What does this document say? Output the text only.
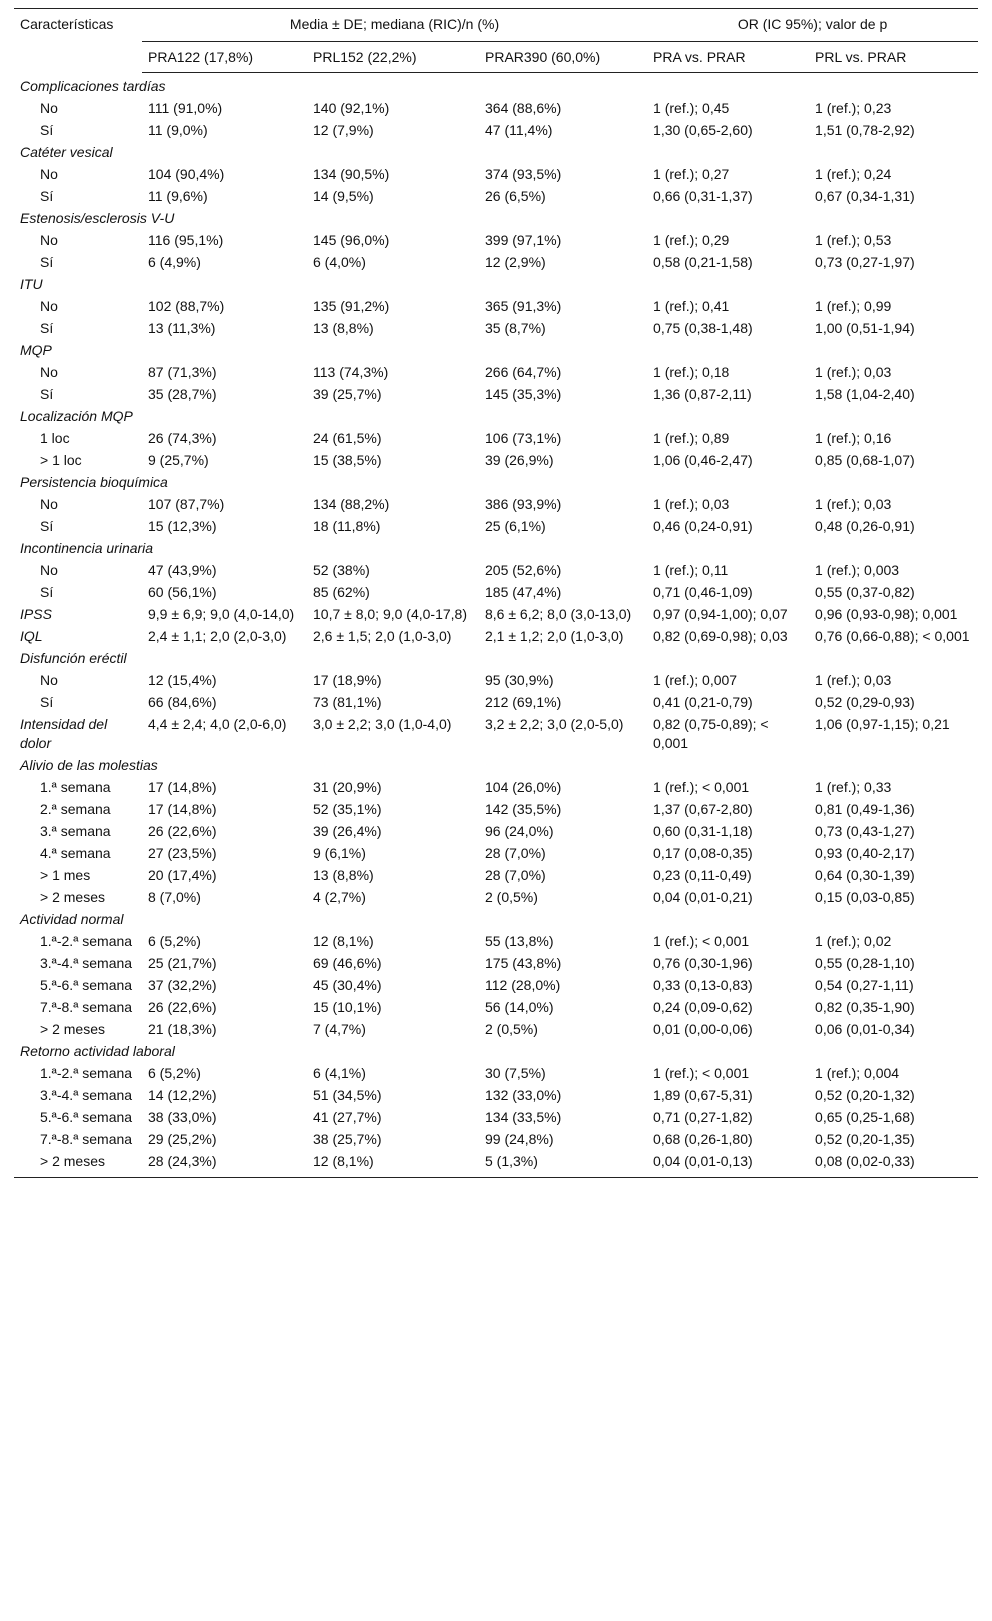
Características	Media ± DE; mediana (RIC)/n (%)			OR (IC 95%); valor de p	
	PRA122 (17,8%)	PRL152 (22,2%)	PRAR390 (60,0%)	PRA vs. PRAR	PRL vs. PRAR
Complicaciones tardías					
No	111 (91,0%)	140 (92,1%)	364 (88,6%)	1 (ref.); 0,45	1 (ref.); 0,23
Sí	11 (9,0%)	12 (7,9%)	47 (11,4%)	1,30 (0,65-2,60)	1,51 (0,78-2,92)
Catéter vesical					
No	104 (90,4%)	134 (90,5%)	374 (93,5%)	1 (ref.); 0,27	1 (ref.); 0,24
Sí	11 (9,6%)	14 (9,5%)	26 (6,5%)	0,66 (0,31-1,37)	0,67 (0,34-1,31)
Estenosis/esclerosis V-U					
No	116 (95,1%)	145 (96,0%)	399 (97,1%)	1 (ref.); 0,29	1 (ref.); 0,53
Sí	6 (4,9%)	6 (4,0%)	12 (2,9%)	0,58 (0,21-1,58)	0,73 (0,27-1,97)
ITU					
No	102 (88,7%)	135 (91,2%)	365 (91,3%)	1 (ref.); 0,41	1 (ref.); 0,99
Sí	13 (11,3%)	13 (8,8%)	35 (8,7%)	0,75 (0,38-1,48)	1,00 (0,51-1,94)
MQP					
No	87 (71,3%)	113 (74,3%)	266 (64,7%)	1 (ref.); 0,18	1 (ref.); 0,03
Sí	35 (28,7%)	39 (25,7%)	145 (35,3%)	1,36 (0,87-2,11)	1,58 (1,04-2,40)
Localización MQP					
1 loc	26 (74,3%)	24 (61,5%)	106 (73,1%)	1 (ref.); 0,89	1 (ref.); 0,16
> 1 loc	9 (25,7%)	15 (38,5%)	39 (26,9%)	1,06 (0,46-2,47)	0,85 (0,68-1,07)
Persistencia bioquímica					
No	107 (87,7%)	134 (88,2%)	386 (93,9%)	1 (ref.); 0,03	1 (ref.); 0,03
Sí	15 (12,3%)	18 (11,8%)	25 (6,1%)	0,46 (0,24-0,91)	0,48 (0,26-0,91)
Incontinencia urinaria					
No	47 (43,9%)	52 (38%)	205 (52,6%)	1 (ref.); 0,11	1 (ref.); 0,003
Sí	60 (56,1%)	85 (62%)	185 (47,4%)	0,71 (0,46-1,09)	0,55 (0,37-0,82)
IPSS	9,9 ± 6,9; 9,0 (4,0-14,0)	10,7 ± 8,0; 9,0 (4,0-17,8)	8,6 ± 6,2; 8,0 (3,0-13,0)	0,97 (0,94-1,00); 0,07	0,96 (0,93-0,98); 0,001
IQL	2,4 ± 1,1; 2,0 (2,0-3,0)	2,6 ± 1,5; 2,0 (1,0-3,0)	2,1 ± 1,2; 2,0 (1,0-3,0)	0,82 (0,69-0,98); 0,03	0,76 (0,66-0,88); < 0,001
Disfunción eréctil					
No	12 (15,4%)	17 (18,9%)	95 (30,9%)	1 (ref.); 0,007	1 (ref.); 0,03
Sí	66 (84,6%)	73 (81,1%)	212 (69,1%)	0,41 (0,21-0,79)	0,52 (0,29-0,93)
Intensidad del dolor	4,4 ± 2,4; 4,0 (2,0-6,0)	3,0 ± 2,2; 3,0 (1,0-4,0)	3,2 ± 2,2; 3,0 (2,0-5,0)	0,82 (0,75-0,89); < 0,001	1,06 (0,97-1,15); 0,21
Alivio de las molestias					
1.ª semana	17 (14,8%)	31 (20,9%)	104 (26,0%)	1 (ref.); < 0,001	1 (ref.); 0,33
2.ª semana	17 (14,8%)	52 (35,1%)	142 (35,5%)	1,37 (0,67-2,80)	0,81 (0,49-1,36)
3.ª semana	26 (22,6%)	39 (26,4%)	96 (24,0%)	0,60 (0,31-1,18)	0,73 (0,43-1,27)
4.ª semana	27 (23,5%)	9 (6,1%)	28 (7,0%)	0,17 (0,08-0,35)	0,93 (0,40-2,17)
> 1 mes	20 (17,4%)	13 (8,8%)	28 (7,0%)	0,23 (0,11-0,49)	0,64 (0,30-1,39)
> 2 meses	8 (7,0%)	4 (2,7%)	2 (0,5%)	0,04 (0,01-0,21)	0,15 (0,03-0,85)
Actividad normal					
1.ª-2.ª semana	6 (5,2%)	12 (8,1%)	55 (13,8%)	1 (ref.); < 0,001	1 (ref.); 0,02
3.ª-4.ª semana	25 (21,7%)	69 (46,6%)	175 (43,8%)	0,76 (0,30-1,96)	0,55 (0,28-1,10)
5.ª-6.ª semana	37 (32,2%)	45 (30,4%)	112 (28,0%)	0,33 (0,13-0,83)	0,54 (0,27-1,11)
7.ª-8.ª semana	26 (22,6%)	15 (10,1%)	56 (14,0%)	0,24 (0,09-0,62)	0,82 (0,35-1,90)
> 2 meses	21 (18,3%)	7 (4,7%)	2 (0,5%)	0,01 (0,00-0,06)	0,06 (0,01-0,34)
Retorno actividad laboral					
1.ª-2.ª semana	6 (5,2%)	6 (4,1%)	30 (7,5%)	1 (ref.); < 0,001	1 (ref.); 0,004
3.ª-4.ª semana	14 (12,2%)	51 (34,5%)	132 (33,0%)	1,89 (0,67-5,31)	0,52 (0,20-1,32)
5.ª-6.ª semana	38 (33,0%)	41 (27,7%)	134 (33,5%)	0,71 (0,27-1,82)	0,65 (0,25-1,68)
7.ª-8.ª semana	29 (25,2%)	38 (25,7%)	99 (24,8%)	0,68 (0,26-1,80)	0,52 (0,20-1,35)
> 2 meses	28 (24,3%)	12 (8,1%)	5 (1,3%)	0,04 (0,01-0,13)	0,08 (0,02-0,33)
